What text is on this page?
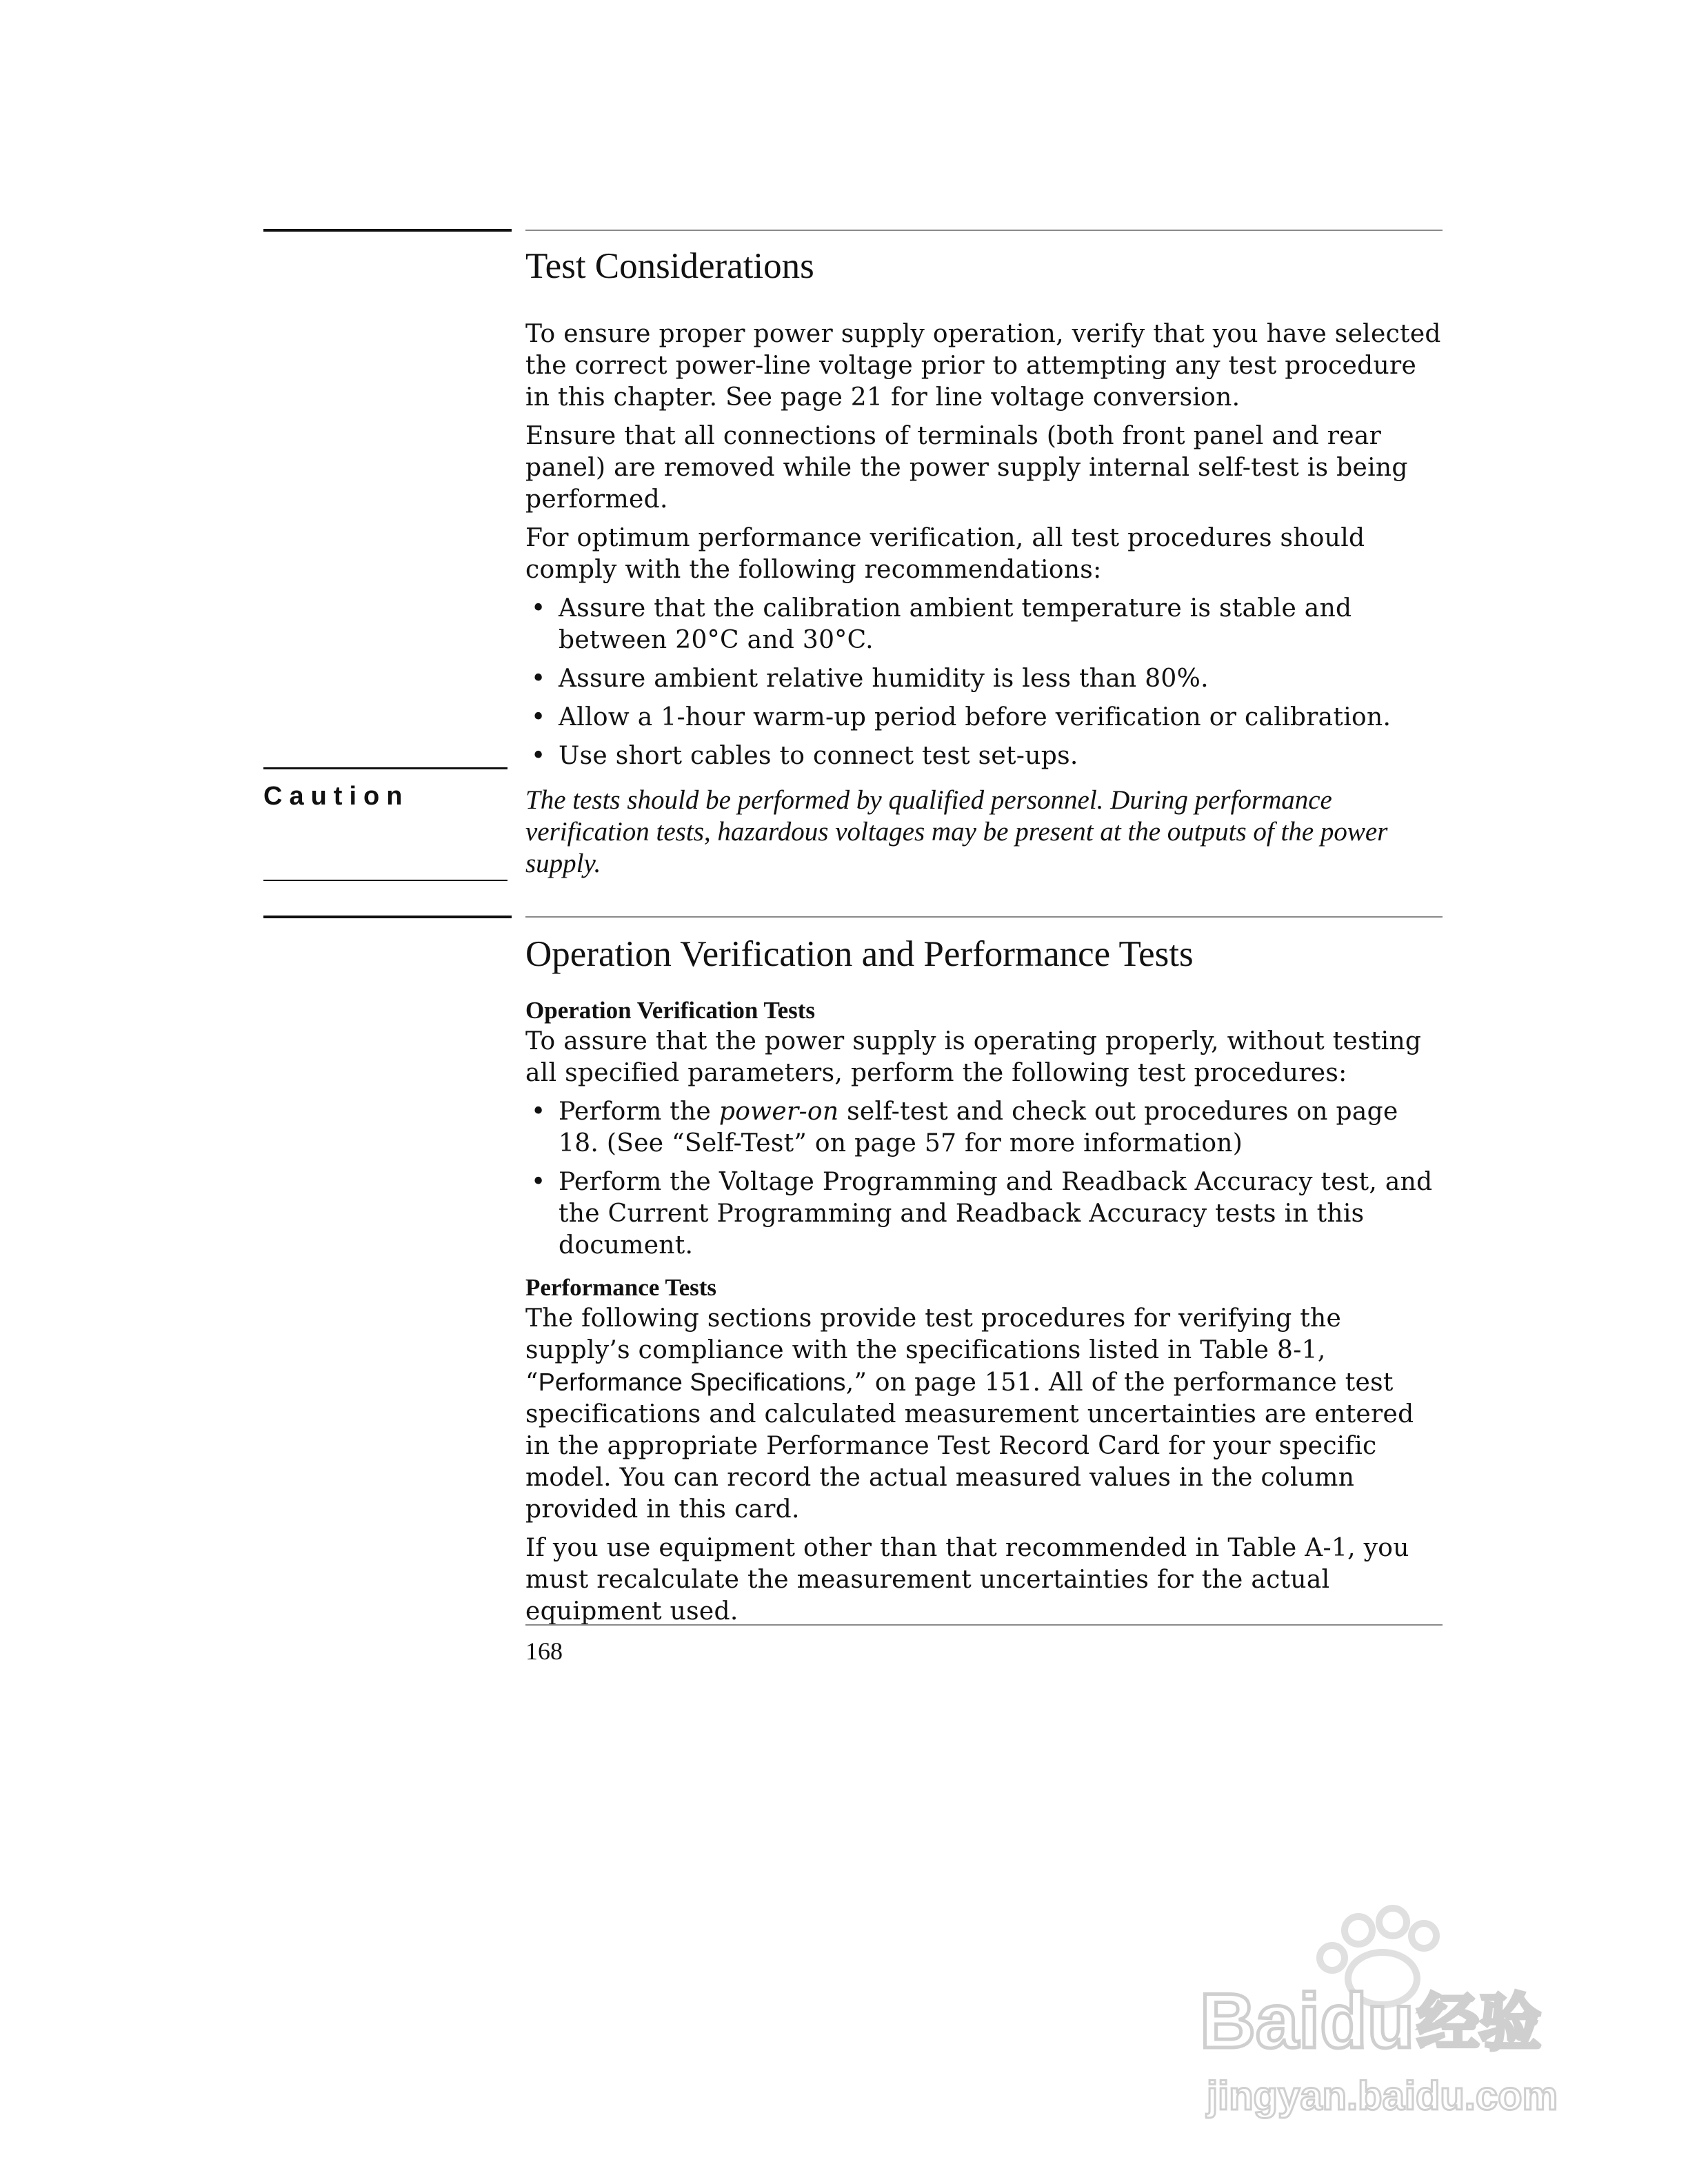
Test Considerations

To ensure proper power supply operation, verify that you have selected the correct power-line voltage prior to attempting any test procedure in this chapter. See page 21 for line voltage conversion.

Ensure that all connections of terminals (both front panel and rear panel) are removed while the power supply internal self-test is being performed.

For optimum performance verification, all test procedures should comply with the following recommendations:

• Assure that the calibration ambient temperature is stable and between 20°C and 30°C.
• Assure ambient relative humidity is less than 80%.
• Allow a 1-hour warm-up period before verification or calibration.
• Use short cables to connect test set-ups.
Caution	The tests should be performed by qualified personnel. During performance verification tests, hazardous voltages may be present at the outputs of the power supply.

Operation Verification and Performance Tests
Operation Verification Tests

To assure that the power supply is operating properly, without testing all specified parameters, perform the following test procedures:

• Perform the power-on self-test and check out procedures on page 18. (See “Self-Test” on page 57 for more information)
• Perform the Voltage Programming and Readback Accuracy test, and the Current Programming and Readback Accuracy tests in this document.
Performance Tests

The following sections provide test procedures for verifying the supply’s compliance with the specifications listed in Table 8-1, “Performance Specifications,” on page 151. All of the performance test specifications and calculated measurement uncertainties are entered in the appropriate Performance Test Record Card for your specific model. You can record the actual measured values in the column provided in this card.

If you use equipment other than that recommended in Table A-1, you must recalculate the measurement uncertainties for the actual equipment used.

168
Baidu 经验
jingyan.baidu.com
